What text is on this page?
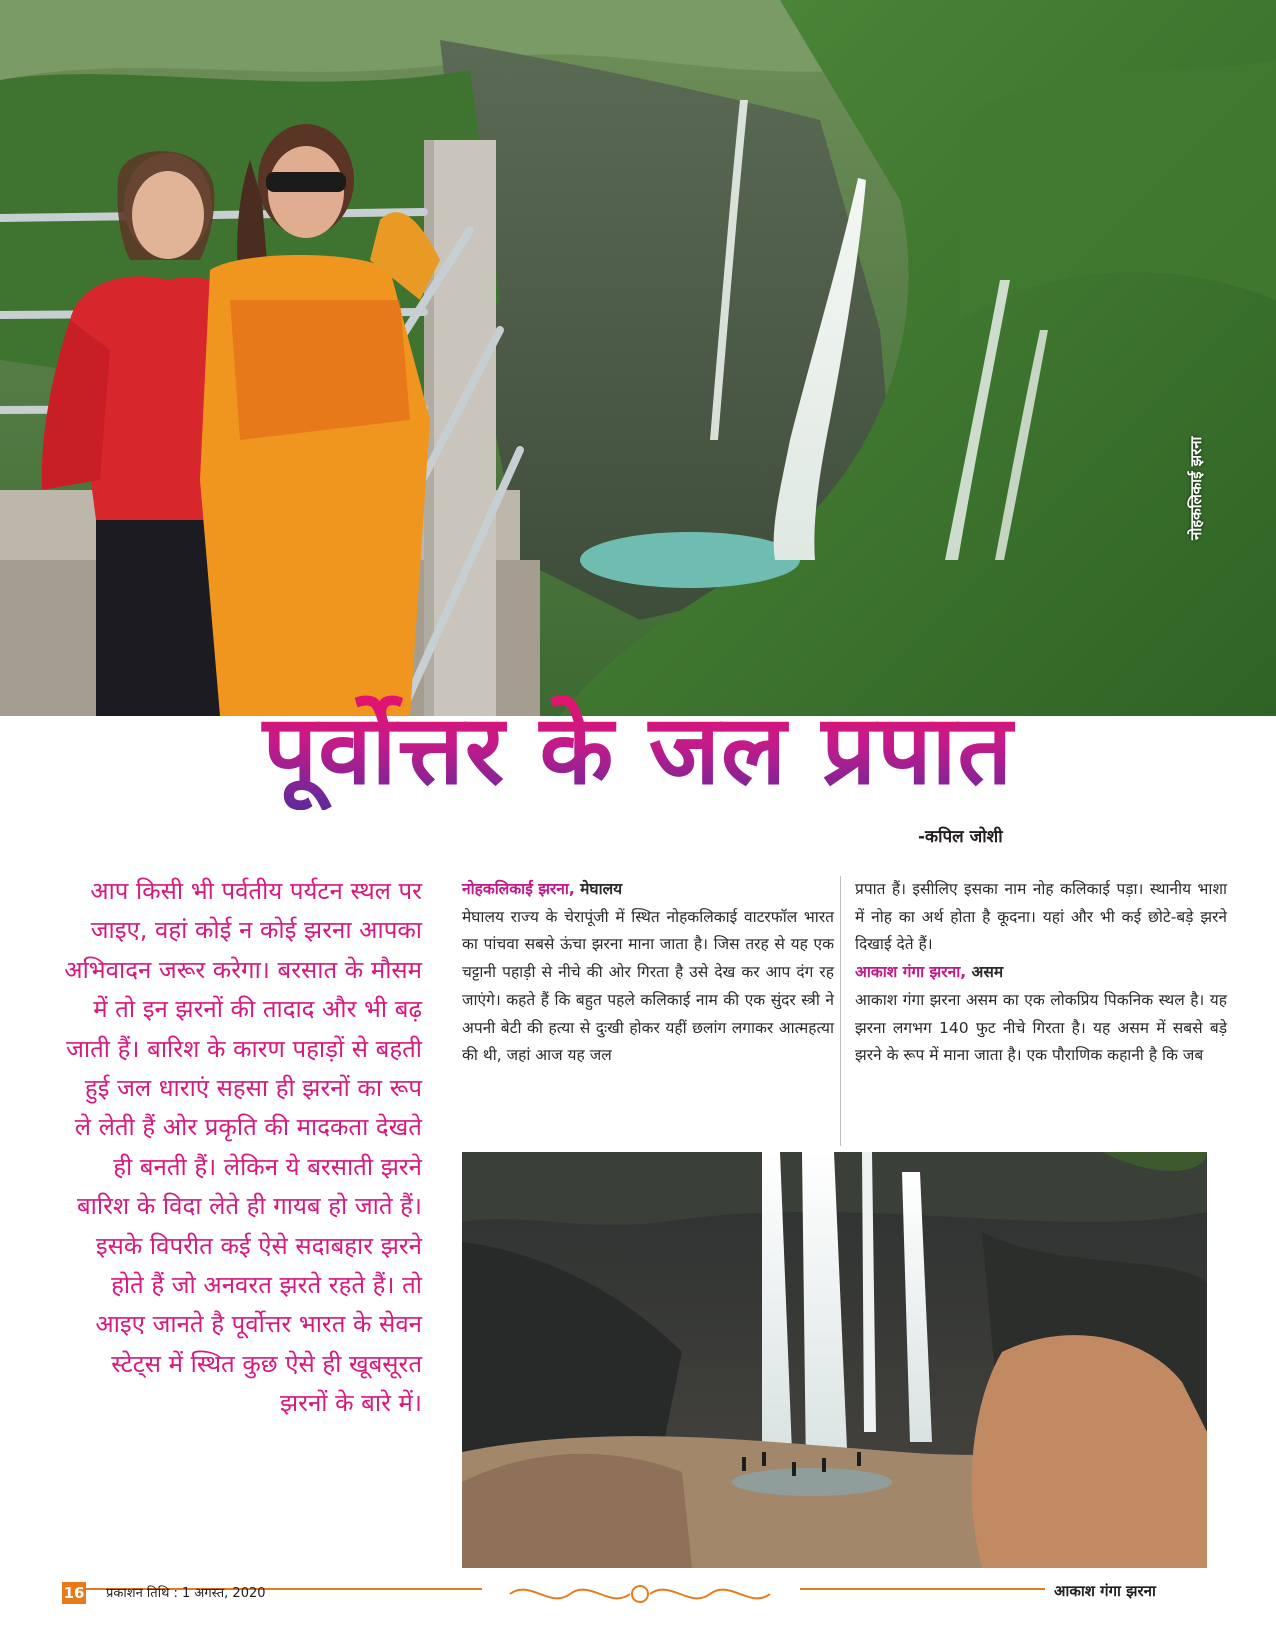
नोहकलिकाई झरना
पूर्वोत्तर के जल प्रपात
-कपिल जोशी

आप किसी भी पर्वतीय पर्यटन स्थल पर जाइए, वहां कोई न कोई झरना आपका अभिवादन जरूर करेगा। बरसात के मौसम में तो इन झरनों की तादाद और भी बढ़ जाती हैं। बारिश के कारण पहाड़ों से बहती हुई जल धाराएं सहसा ही झरनों का रूप ले लेती हैं ओर प्रकृति की मादकता देखते ही बनती हैं। लेकिन ये बरसाती झरने बारिश के विदा लेते ही गायब हो जाते हैं। इसके विपरीत कई ऐसे सदाबहार झरने होते हैं जो अनवरत झरते रहते हैं। तो आइए जानते है पूर्वोत्तर भारत के सेवन स्टेट्स में स्थित कुछ ऐसे ही खूबसूरत झरनों के बारे में।

नोहकलिकाई झरना, मेघालय

मेघालय राज्य के चेरापूंजी में स्थित नोहकलिकाई वाटरफॉल भारत का पांचवा सबसे ऊंचा झरना माना जाता है। जिस तरह से यह एक चट्टानी पहाड़ी से नीचे की ओर गिरता है उसे देख कर आप दंग रह जाएंगे। कहते हैं कि बहुत पहले कलिकाई नाम की एक सुंदर स्त्री ने अपनी बेटी की हत्या से दुःखी होकर यहीं छलांग लगाकर आत्महत्या की थी, जहां आज यह जल

प्रपात हैं। इसीलिए इसका नाम नोह कलिकाई पड़ा। स्थानीय भाशा में नोह का अर्थ होता है कूदना। यहां और भी कई छोटे-बड़े झरने दिखाई देते हैं।

आकाश गंगा झरना, असम

आकाश गंगा झरना असम का एक लोकप्रिय पिकनिक स्थल है। यह झरना लगभग 140 फुट नीचे गिरता है। यह असम में सबसे बड़े झरने के रूप में माना जाता है। एक पौराणिक कहानी है कि जब

16 प्रकाशन तिथि : 1 अगस्त, 2020	आकाश गंगा झरना
